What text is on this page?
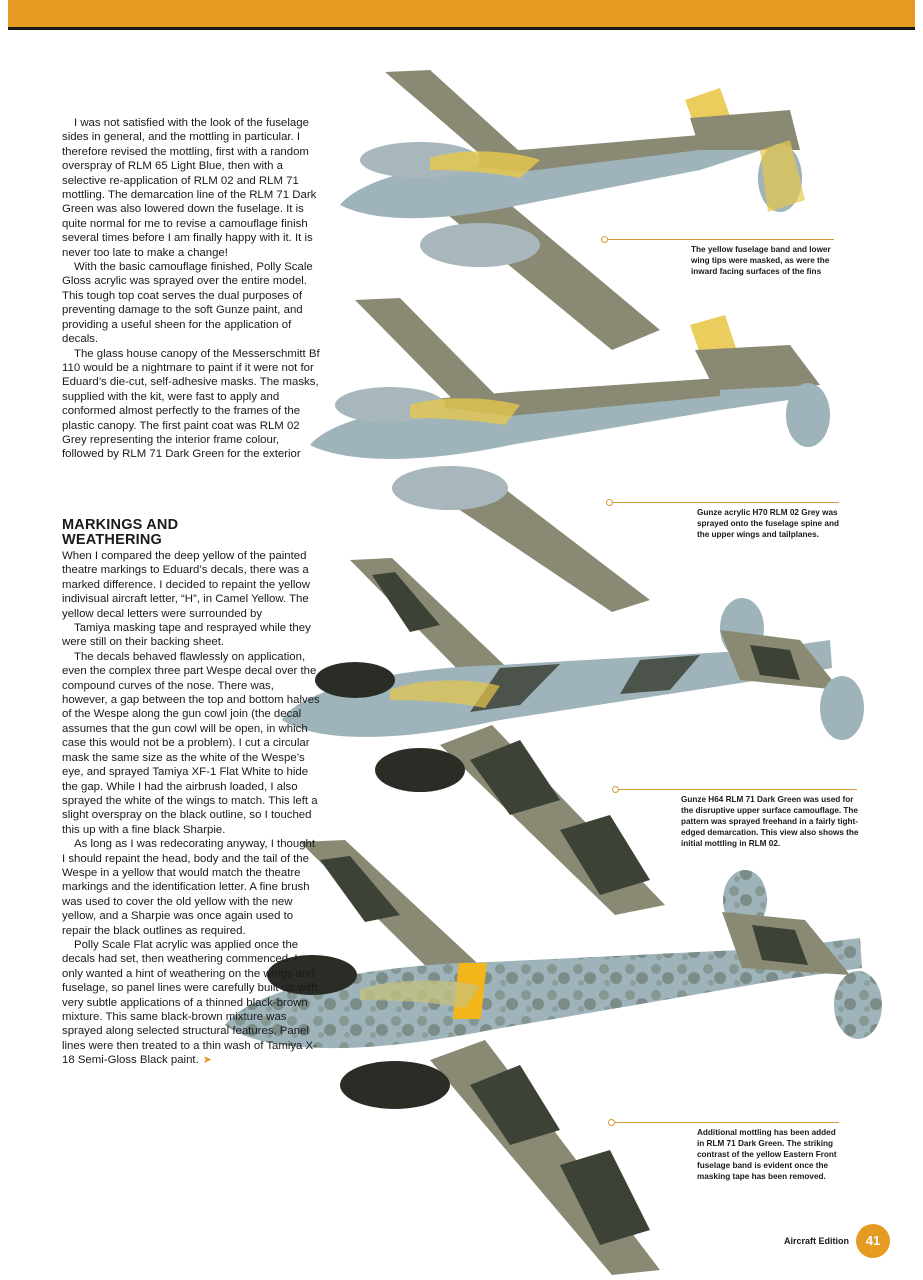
The yellow fuselage band and lower wing tips were masked, as were the inward facing surfaces of the fins
Gunze acrylic H70 RLM 02 Grey was sprayed onto the fuselage spine and the upper wings and tailplanes.
Gunze H64 RLM 71 Dark Green was used for the disruptive upper surface camouflage. The pattern was sprayed freehand in a fairly tight-edged demarcation. This view also shows the initial mottling in RLM 02.
Additional mottling has been added in RLM 71 Dark Green. The striking contrast of the yellow Eastern Front fuselage band is evident once the masking tape has been removed.

I was not satisfied with the look of the fuselage sides in general, and the mottling in particular. I therefore revised the mottling, first with a random overspray of RLM 65 Light Blue, then with a selective re-application of RLM 02 and RLM 71 mottling. The demarcation line of the RLM 71 Dark Green was also lowered down the fuselage. It is quite normal for me to revise a camouflage finish several times before I am finally happy with it. It is never too late to make a change!

With the basic camouflage finished, Polly Scale Gloss acrylic was sprayed over the entire model. This tough top coat serves the dual purposes of preventing damage to the soft Gunze paint, and providing a useful sheen for the application of decals.

The glass house canopy of the Messerschmitt Bf 110 would be a nightmare to paint if it were not for Eduard’s die-cut, self-adhesive masks. The masks, supplied with the kit, were fast to apply and conformed almost perfectly to the frames of the plastic canopy. The first paint coat was RLM 02 Grey representing the interior frame colour, followed by RLM 71 Dark Green for the exterior

MARKINGS AND
WEATHERING

When I compared the deep yellow of the painted theatre markings to Eduard’s decals, there was a marked difference. I decided to repaint the yellow indivisual aircraft letter, “H”, in Camel Yellow. The yellow decal letters were surrounded by

Tamiya masking tape and resprayed while they were still on their backing sheet.

The decals behaved flawlessly on application, even the complex three part Wespe decal over the compound curves of the nose. There was, however, a gap between the top and bottom halves of the Wespe along the gun cowl join (the decal assumes that the gun cowl will be open, in which case this would not be a problem). I cut a circular mask the same size as the white of the Wespe’s eye, and sprayed Tamiya XF-1 Flat White to hide the gap. While I had the airbrush loaded, I also sprayed the white of the wings to match. This left a slight overspray on the black outline, so I touched this up with a fine black Sharpie.

As long as I was redecorating anyway, I thought I should repaint the head, body and the tail of the Wespe in a yellow that would match the theatre markings and the identification letter. A fine brush was used to cover the old yellow with the new yellow, and a Sharpie was once again used to repair the black outlines as required.

Polly Scale Flat acrylic was applied once the decals had set, then weathering commenced. I only wanted a hint of weathering on the wings and fuselage, so panel lines were carefully built up with very subtle applications of a thinned black-brown mixture. This same black-brown mixture was sprayed along selected structural features. Panel lines were then treated to a thin wash of Tamiya X-18 Semi-Gloss Black paint. ➤

Aircraft Edition	41
